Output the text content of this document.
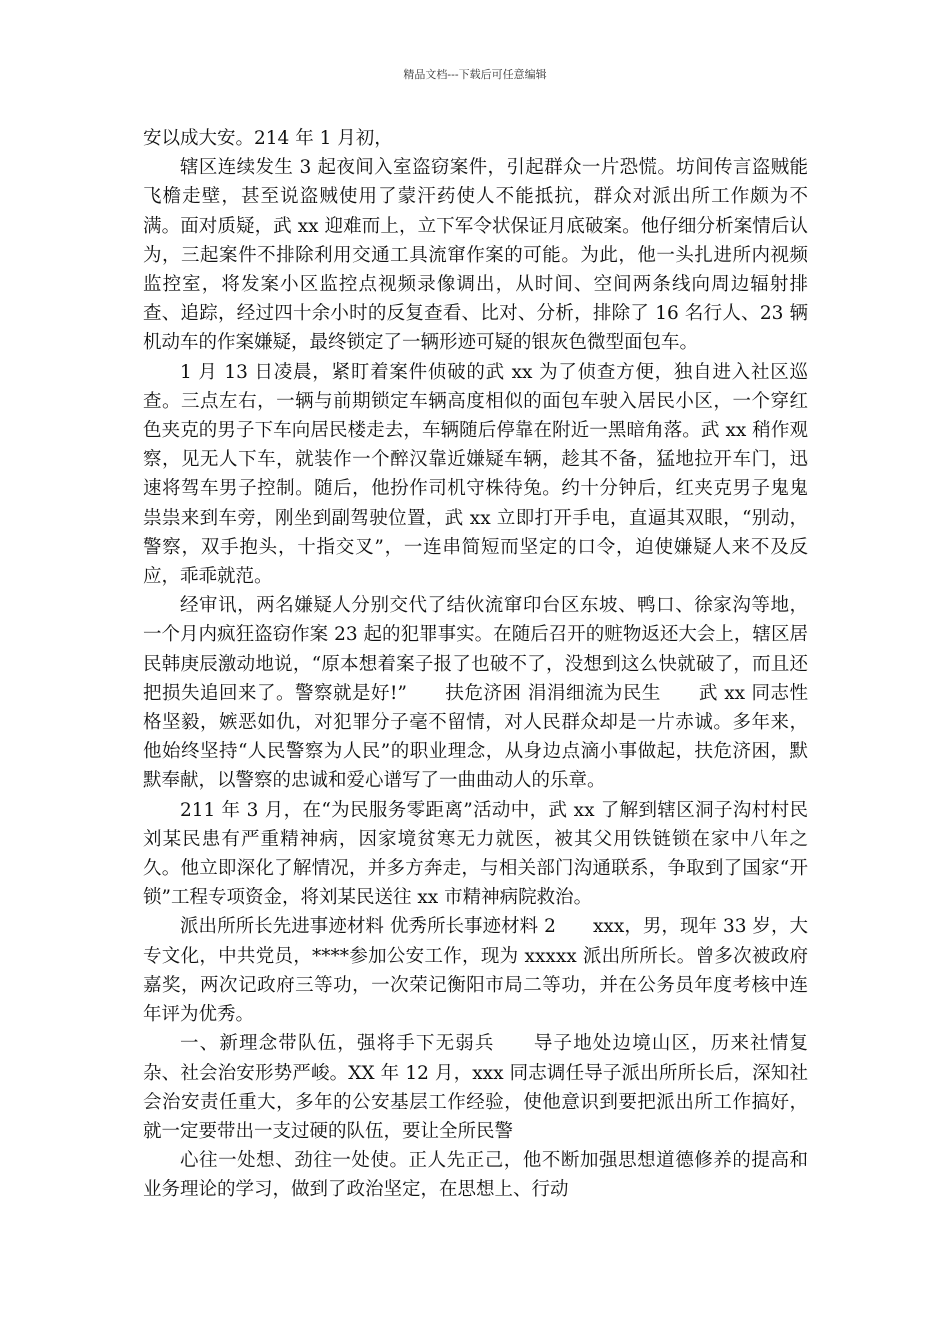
精品文档---下载后可任意编辑

安以成大安。214 年 1 月初，

辖区连续发生 3 起夜间入室盗窃案件，引起群众一片恐慌。坊间传言盗贼能飞檐走壁，甚至说盗贼使用了蒙汗药使人不能抵抗，群众对派出所工作颇为不满。面对质疑，武 xx 迎难而上，立下军令状保证月底破案。他仔细分析案情后认为，三起案件不排除利用交通工具流窜作案的可能。为此，他一头扎进所内视频监控室，将发案小区监控点视频录像调出，从时间、空间两条线向周边辐射排查、追踪，经过四十余小时的反复查看、比对、分析，排除了 16 名行人、23 辆机动车的作案嫌疑，最终锁定了一辆形迹可疑的银灰色微型面包车。

1 月 13 日凌晨，紧盯着案件侦破的武 xx 为了侦查方便，独自进入社区巡查。三点左右，一辆与前期锁定车辆高度相似的面包车驶入居民小区，一个穿红色夹克的男子下车向居民楼走去，车辆随后停靠在附近一黑暗角落。武 xx 稍作观察，见无人下车，就装作一个醉汉靠近嫌疑车辆，趁其不备，猛地拉开车门，迅速将驾车男子控制。随后，他扮作司机守株待兔。约十分钟后，红夹克男子鬼鬼祟祟来到车旁，刚坐到副驾驶位置，武 xx 立即打开手电，直逼其双眼，“别动，警察，双手抱头，十指交叉”，一连串简短而坚定的口令，迫使嫌疑人来不及反应，乖乖就范。

经审讯，两名嫌疑人分别交代了结伙流窜印台区东坡、鸭口、徐家沟等地，一个月内疯狂盗窃作案 23 起的犯罪事实。在随后召开的赃物返还大会上，辖区居民韩庚辰激动地说，“原本想着案子报了也破不了，没想到这么快就破了，而且还把损失追回来了。警察就是好!”　　扶危济困 涓涓细流为民生　　武 xx 同志性格坚毅，嫉恶如仇，对犯罪分子毫不留情，对人民群众却是一片赤诚。多年来，他始终坚持“人民警察为人民”的职业理念，从身边点滴小事做起，扶危济困，默默奉献，以警察的忠诚和爱心谱写了一曲曲动人的乐章。

211 年 3 月，在“为民服务零距离”活动中，武 xx 了解到辖区洞子沟村村民刘某民患有严重精神病，因家境贫寒无力就医，被其父用铁链锁在家中八年之久。他立即深化了解情况，并多方奔走，与相关部门沟通联系，争取到了国家“开锁”工程专项资金，将刘某民送往 xx 市精神病院救治。

派出所所长先进事迹材料 优秀所长事迹材料 2　　xxx，男，现年 33 岁，大专文化，中共党员，****参加公安工作，现为 xxxxx 派出所所长。曾多次被政府嘉奖，两次记政府三等功，一次荣记衡阳市局二等功，并在公务员年度考核中连年评为优秀。

一、新理念带队伍，强将手下无弱兵　　导子地处边境山区，历来社情复杂、社会治安形势严峻。XX 年 12 月，xxx 同志调任导子派出所所长后，深知社会治安责任重大，多年的公安基层工作经验，使他意识到要把派出所工作搞好，就一定要带出一支过硬的队伍，要让全所民警

心往一处想、劲往一处使。正人先正己，他不断加强思想道德修养的提高和业务理论的学习，做到了政治坚定，在思想上、行动
